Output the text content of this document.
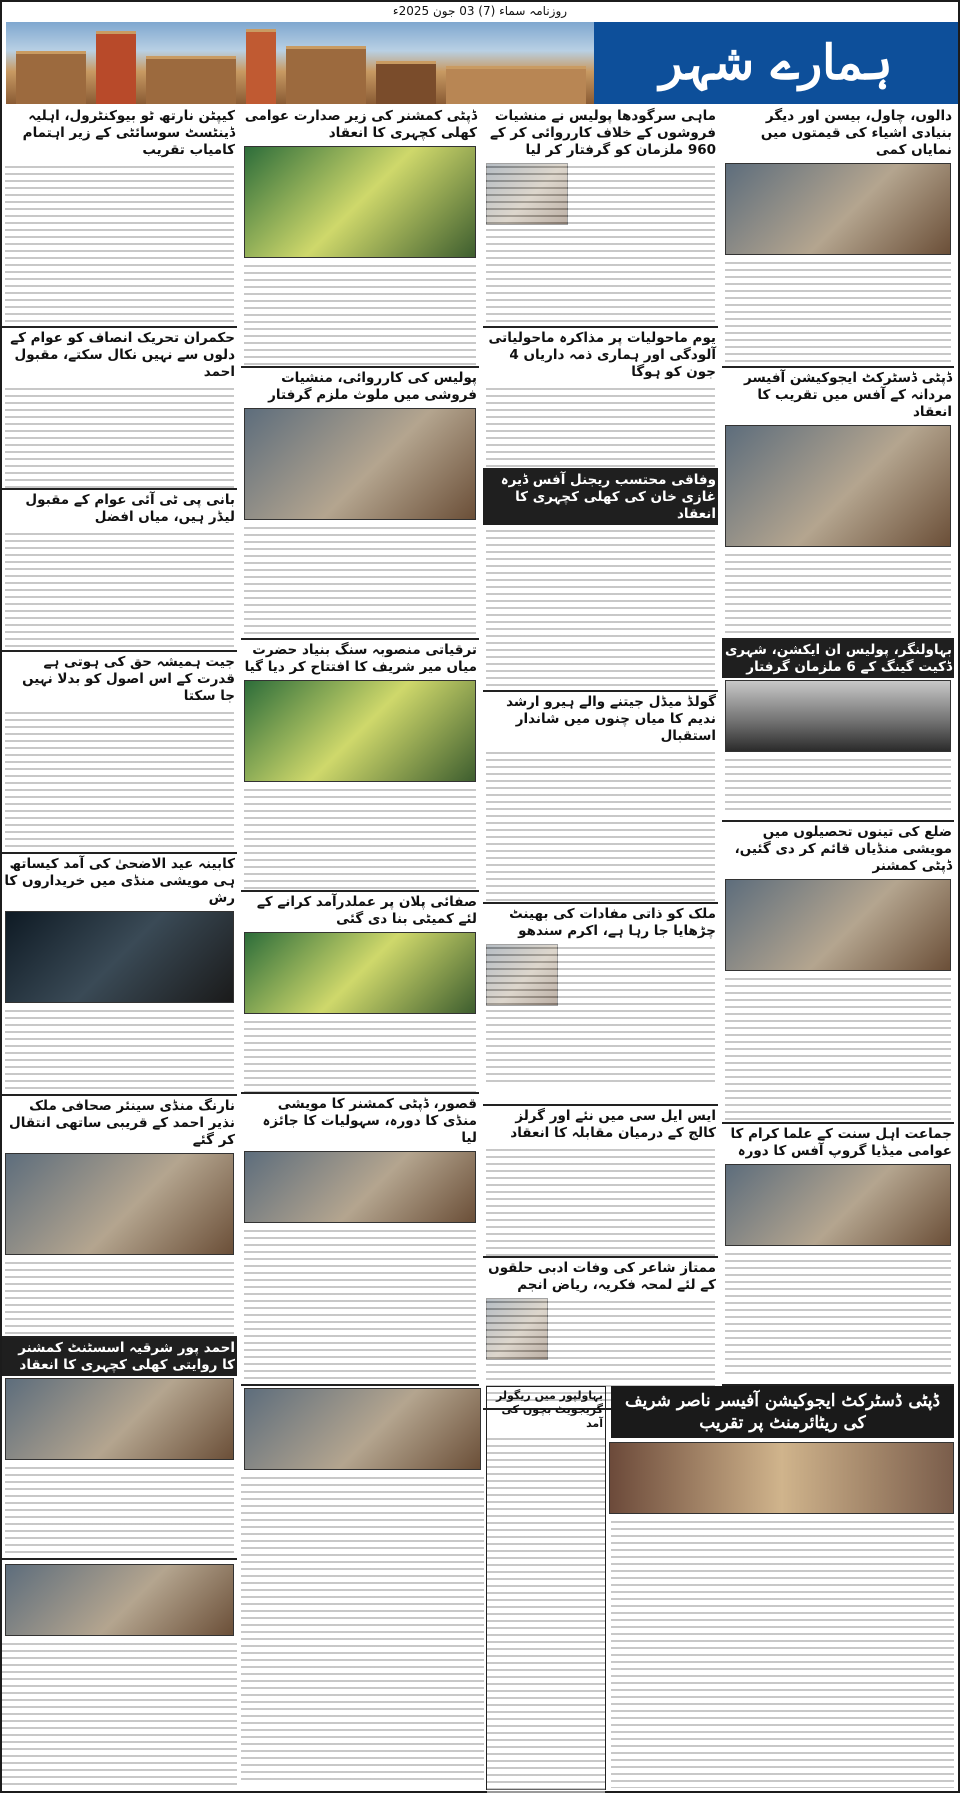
روزنامہ سماء (7) 03 جون 2025ء
ہمارے شہر
دالوں، چاول، بیسن اور دیگر بنیادی اشیاء کی قیمتوں میں نمایاں کمی
ڈپٹی ڈسٹرکٹ ایجوکیشن آفیسر مردانہ کے آفس میں تقریب کا انعقاد
بہاولنگر، پولیس ان ایکشن، شہری ڈکیت گینگ کے 6 ملزمان گرفتار
ضلع کی تینوں تحصیلوں میں مویشی منڈیاں قائم کر دی گئیں، ڈپٹی کمشنر
جماعت اہل سنت کے علما کرام کا عوامی میڈیا گروپ آفس کا دورہ
ماہی سرگودھا پولیس نے منشیات فروشوں کے خلاف کارروائی کر کے 960 ملزمان کو گرفتار کر لیا
یوم ماحولیات پر مذاکرہ ماحولیاتی آلودگی اور ہماری ذمہ داریاں 4 جون کو ہوگا
وفاقی محتسب ریجنل آفس ڈیرہ غازی خان کی کھلی کچہری کا انعقاد
گولڈ میڈل جیتنے والے ہیرو ارشد ندیم کا میاں چنوں میں شاندار استقبال
ملک کو ذاتی مفادات کی بھینٹ چڑھایا جا رہا ہے، اکرم سندھو
ایس ایل سی میں نئے اور گرلز کالج کے درمیان مقابلہ کا انعقاد
ممتاز شاعر کی وفات ادبی حلقوں کے لئے لمحہ فکریہ، ریاض انجم
ڈپٹی کمشنر کی زیر صدارت عوامی کھلی کچہری کا انعقاد
پولیس کی کارروائی، منشیات فروشی میں ملوث ملزم گرفتار
ترقیاتی منصوبہ سنگ بنیاد حضرت میاں میر شریف کا افتتاح کر دیا گیا
صفائی پلان پر عملدرآمد کرانے کے لئے کمیٹی بنا دی گئی
قصور، ڈپٹی کمشنر کا مویشی منڈی کا دورہ، سہولیات کا جائزہ لیا
کیپٹن نارتھ ٹو بیوکنٹرول، اہلیہ ڈینٹسٹ سوسائٹی کے زیر اہتمام کامیاب تقریب
حکمران تحریک انصاف کو عوام کے دلوں سے نہیں نکال سکتے، مقبول احمد
بانی پی ٹی آئی عوام کے مقبول لیڈر ہیں، میاں افضل
جیت ہمیشہ حق کی ہوتی ہے قدرت کے اس اصول کو بدلا نہیں جا سکتا
کابینہ عید الاضحیٰ کی آمد کیساتھ ہی مویشی منڈی میں خریداروں کا رش
نارنگ منڈی سینئر صحافی ملک نذیر احمد کے قریبی ساتھی انتقال کر گئے
احمد پور شرقیہ اسسٹنٹ کمشنر کا روایتی کھلی کچہری کا انعقاد
ڈپٹی ڈسٹرکٹ ایجوکیشن آفیسر ناصر شریف کی ریٹائرمنٹ پر تقریب
بہاولپور میں ریگولر گریجویٹ بچوں کی آمد
